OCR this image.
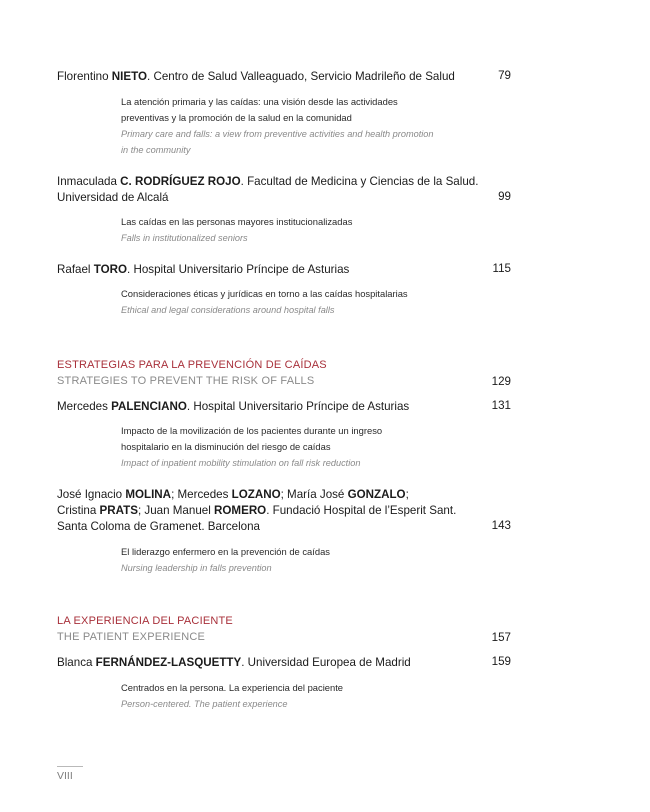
Florentino NIETO. Centro de Salud Valleaguado, Servicio Madrileño de Salud	79
La atención primaria y las caídas: una visión desde las actividades
preventivas y la promoción de la salud en la comunidad
Primary care and falls: a view from preventive activities and health promotion
in the community
Inmaculada C. RODRÍGUEZ ROJO. Facultad de Medicina y Ciencias de la Salud.
Universidad de Alcalá	99
Las caídas en las personas mayores institucionalizadas
Falls in institutionalized seniors
Rafael TORO. Hospital Universitario Príncipe de Asturias	115
Consideraciones éticas y jurídicas en torno a las caídas hospitalarias
Ethical and legal considerations around hospital falls
ESTRATEGIAS PARA LA PREVENCIÓN DE CAÍDAS
STRATEGIES TO PREVENT THE RISK OF FALLS	129
Mercedes PALENCIANO. Hospital Universitario Príncipe de Asturias	131
Impacto de la movilización de los pacientes durante un ingreso
hospitalario en la disminución del riesgo de caídas
Impact of inpatient mobility stimulation on fall risk reduction
José Ignacio MOLINA; Mercedes LOZANO; María José GONZALO;
Cristina PRATS; Juan Manuel ROMERO. Fundació Hospital de l’Esperit Sant.
Santa Coloma de Gramenet. Barcelona	143
El liderazgo enfermero en la prevención de caídas
Nursing leadership in falls prevention
LA EXPERIENCIA DEL PACIENTE
THE PATIENT EXPERIENCE	157
Blanca FERNÁNDEZ-LASQUETTY. Universidad Europea de Madrid	159
Centrados en la persona. La experiencia del paciente
Person-centered. The patient experience
VIII
